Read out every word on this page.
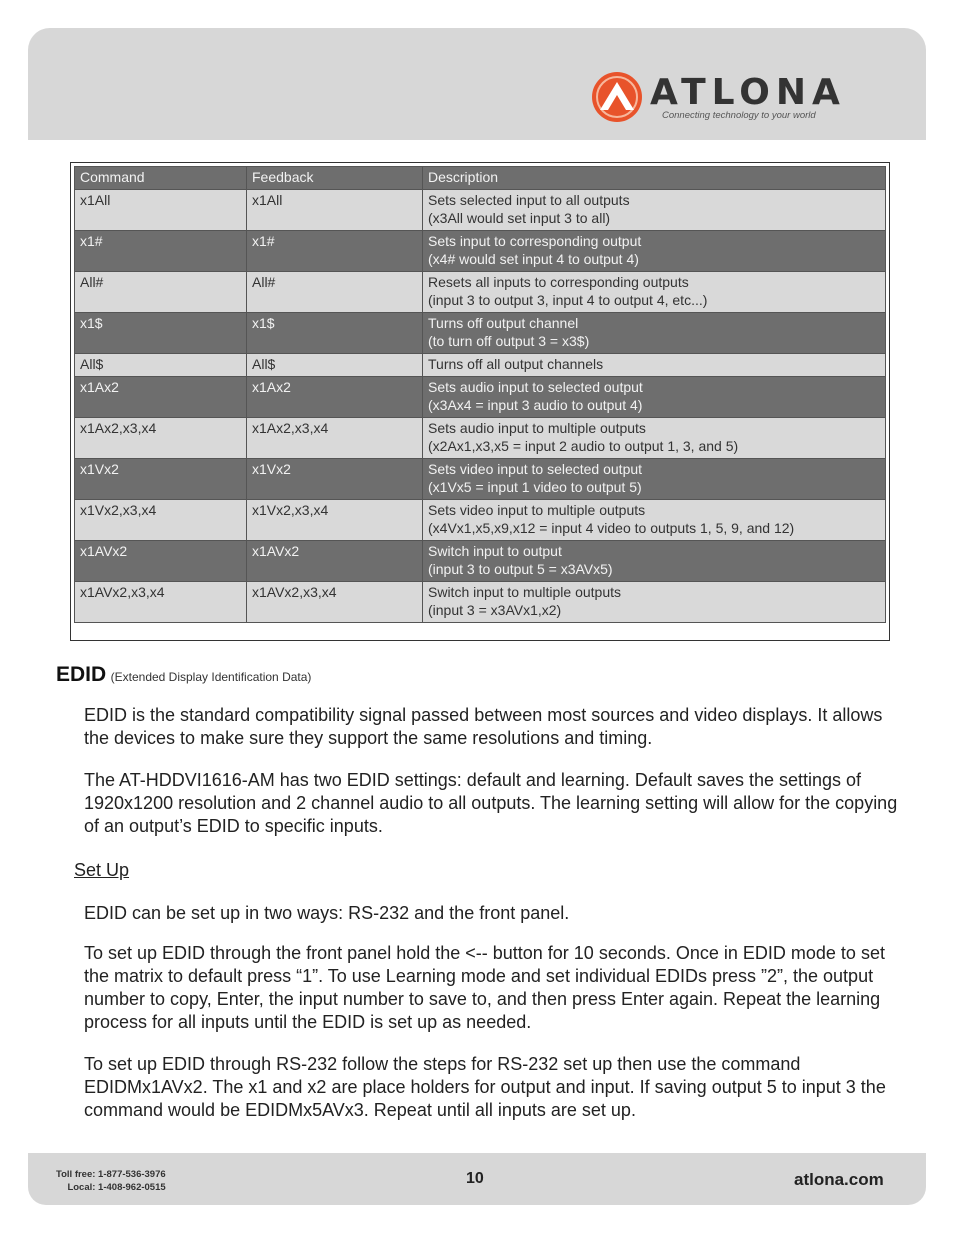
ATLONA
Connecting technology to your world
Command	Feedback	Description
x1All	x1All	Sets selected input to all outputs
(x3All would set input 3 to all)

x1#	x1#	Sets input to corresponding output
(x4# would set input 4 to output 4)

All#	All#	Resets all inputs to corresponding outputs
(input 3 to output 3, input 4 to output 4, etc...)

x1$	x1$	Turns off output channel
(to turn off output 3 = x3$)

All$	All$	Turns off all output channels

x1Ax2	x1Ax2	Sets audio input to selected output
(x3Ax4 = input 3 audio to output 4)

x1Ax2,x3,x4	x1Ax2,x3,x4	Sets audio input to multiple outputs
(x2Ax1,x3,x5 = input 2 audio to output 1, 3, and 5)

x1Vx2	x1Vx2	Sets video input to selected output
(x1Vx5 = input 1 video to output 5)

x1Vx2,x3,x4	x1Vx2,x3,x4	Sets video input to multiple outputs
(x4Vx1,x5,x9,x12 = input 4 video to outputs 1, 5, 9, and 12)

x1AVx2	x1AVx2	Switch input to output
(input 3 to output 5 = x3AVx5)

x1AVx2,x3,x4	x1AVx2,x3,x4	Switch input to multiple outputs
(input 3 = x3AVx1,x2)
EDID (Extended Display Identification Data)
EDID is the standard compatibility signal passed between most sources and video displays. It allows the devices to make sure they support the same resolutions and timing.
The AT-HDDVI1616-AM has two EDID settings: default and learning. Default saves the settings of 1920x1200 resolution and 2 channel audio to all outputs. The learning setting will allow for the copying of an output’s EDID to specific inputs.
Set Up
EDID can be set up in two ways: RS-232 and the front panel.
To set up EDID through the front panel hold the <-- button for 10 seconds. Once in EDID mode to set the matrix to default press “1”. To use Learning mode and set individual EDIDs press ”2”, the output number to copy, Enter, the input number to save to, and then press Enter again. Repeat the learning process for all inputs until the EDID is set up as needed.
To set up EDID through RS-232 follow the steps for RS-232 set up then use the command EDIDMx1AVx2. The x1 and x2 are place holders for output and input. If saving output 5 to input 3 the command would be EDIDMx5AVx3. Repeat until all inputs are set up.
Toll free: 1-877-536-3976
Local: 1-408-962-0515
10	atlona.com
